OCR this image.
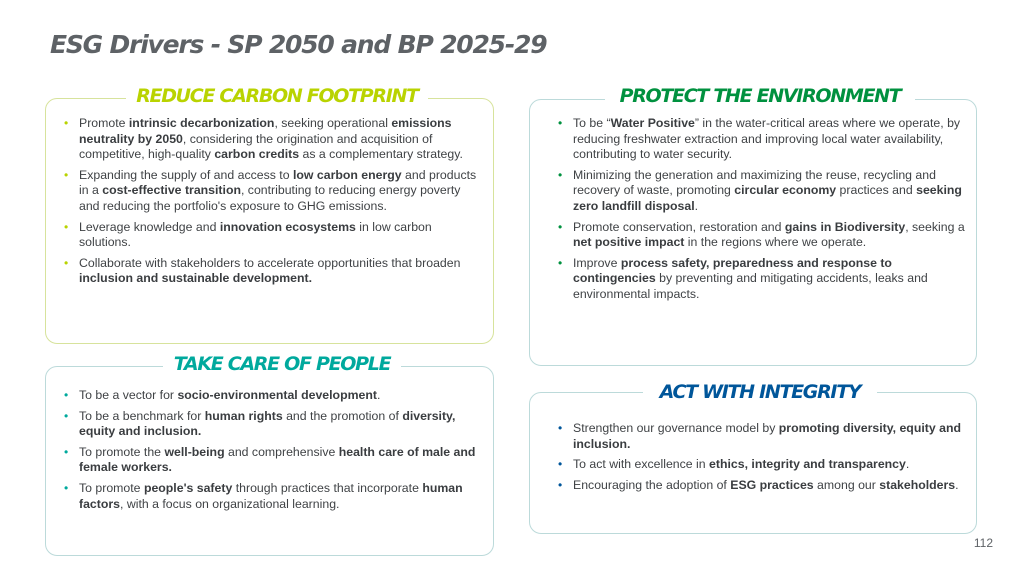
ESG Drivers - SP 2050 and BP 2025-29
REDUCE CARBON FOOTPRINT
• Promote intrinsic decarbonization, seeking operational emissions neutrality by 2050, considering the origination and acquisition of competitive, high-quality carbon credits as a complementary strategy.
• Expanding the supply of and access to low carbon energy and products in a cost-effective transition, contributing to reducing energy poverty and reducing the portfolio's exposure to GHG emissions.
• Leverage knowledge and innovation ecosystems in low carbon solutions.
• Collaborate with stakeholders to accelerate opportunities that broaden inclusion and sustainable development.
PROTECT THE ENVIRONMENT
• To be “Water Positive” in the water-critical areas where we operate, by reducing freshwater extraction and improving local water availability, contributing to water security.
• Minimizing the generation and maximizing the reuse, recycling and recovery of waste, promoting circular economy practices and seeking zero landfill disposal.
• Promote conservation, restoration and gains in Biodiversity, seeking a net positive impact in the regions where we operate.
• Improve process safety, preparedness and response to contingencies by preventing and mitigating accidents, leaks and environmental impacts.
TAKE CARE OF PEOPLE
• To be a vector for socio-environmental development.
• To be a benchmark for human rights and the promotion of diversity, equity and inclusion.
• To promote the well-being and comprehensive health care of male and female workers.
• To promote people's safety through practices that incorporate human factors, with a focus on organizational learning.
ACT WITH INTEGRITY
• Strengthen our governance model by promoting diversity, equity and inclusion.
• To act with excellence in ethics, integrity and transparency.
• Encouraging the adoption of ESG practices among our stakeholders.
112
